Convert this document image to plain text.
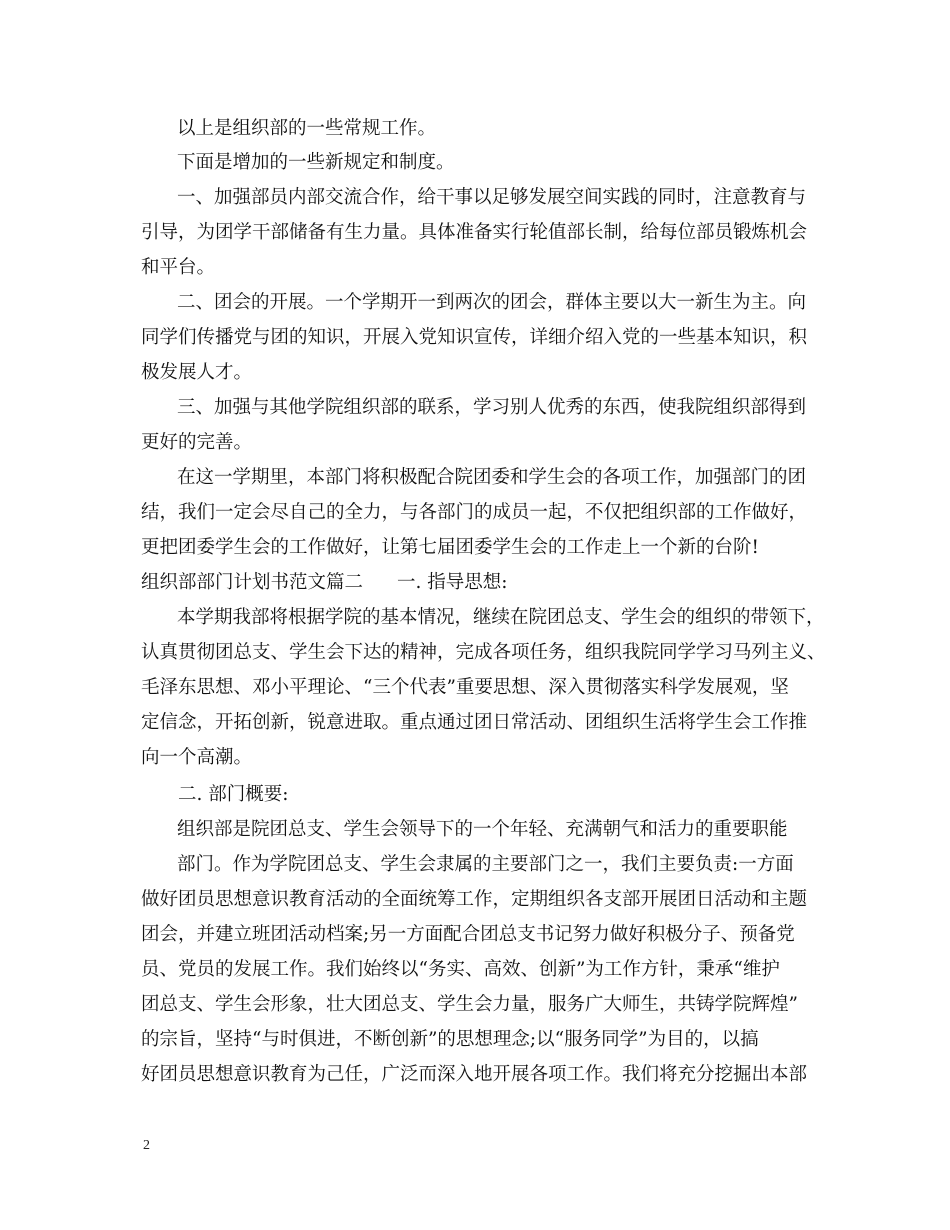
以上是组织部的一些常规工作。
下面是增加的一些新规定和制度。
一、加强部员内部交流合作，给干事以足够发展空间实践的同时，注意教育与
引导，为团学干部储备有生力量。具体准备实行轮值部长制，给每位部员锻炼机会
和平台。
二、团会的开展。一个学期开一到两次的团会，群体主要以大一新生为主。向
同学们传播党与团的知识，开展入党知识宣传，详细介绍入党的一些基本知识，积
极发展人才。
三、加强与其他学院组织部的联系，学习别人优秀的东西，使我院组织部得到
更好的完善。
在这一学期里，本部门将积极配合院团委和学生会的各项工作，加强部门的团
结，我们一定会尽自己的全力，与各部门的成员一起，不仅把组织部的工作做好，
更把团委学生会的工作做好，让第七届团委学生会的工作走上一个新的台阶!
组织部部门计划书范文篇二 一. 指导思想:
本学期我部将根据学院的基本情况，继续在院团总支、学生会的组织的带领下，
认真贯彻团总支、学生会下达的精神，完成各项任务，组织我院同学学习马列主义、
毛泽东思想、邓小平理论、“三个代表”重要思想、深入贯彻落实科学发展观，坚
定信念，开拓创新，锐意进取。重点通过团日常活动、团组织生活将学生会工作推
向一个高潮。
二. 部门概要:
组织部是院团总支、学生会领导下的一个年轻、充满朝气和活力的重要职能
部门。作为学院团总支、学生会隶属的主要部门之一，我们主要负责:一方面
做好团员思想意识教育活动的全面统筹工作，定期组织各支部开展团日活动和主题
团会，并建立班团活动档案;另一方面配合团总支书记努力做好积极分子、预备党
员、党员的发展工作。我们始终以“务实、高效、创新”为工作方针，秉承“维护
团总支、学生会形象，壮大团总支、学生会力量，服务广大师生，共铸学院辉煌”
的宗旨，坚持“与时俱进，不断创新”的思想理念;以“服务同学”为目的，以搞
好团员思想意识教育为己任，广泛而深入地开展各项工作。我们将充分挖掘出本部
2
